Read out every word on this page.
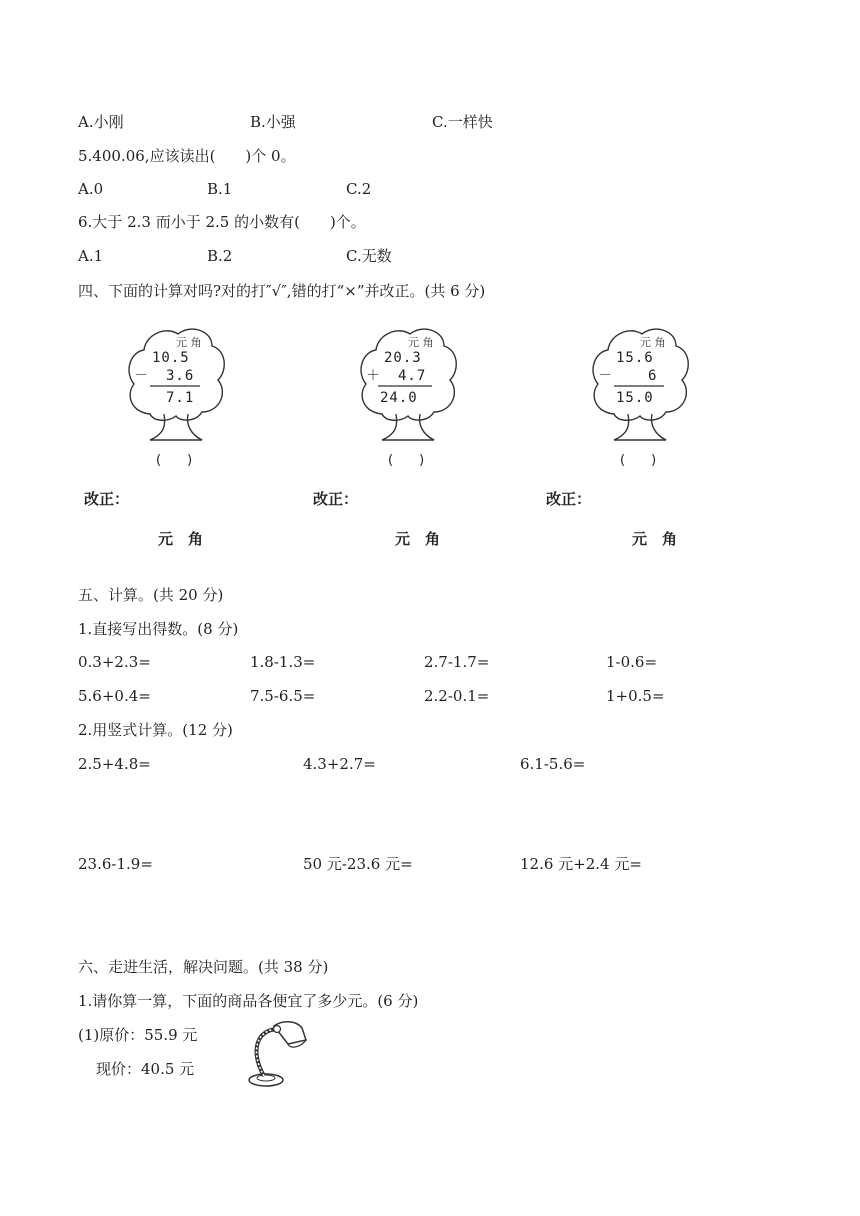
A.小刚	B.小强	C.一样快
5.400.06,应该读出(　　)个 0。
A.0	B.1	C.2
6.大于 2.3 而小于 2.5 的小数有(　　)个。
A.1	B.2	C.无数
四、下面的计算对吗?对的打″√″,错的打“×”并改正。(共 6 分)
元 角
10.5
－ 3.6
7.1
(　　)
元 角
20.3
＋ 4.7
24.0
(　　)
元 角
15.6
－	6
15.0
(　　)
改正：	改正：	改正：
元　角	元　角	元　角
五、计算。(共 20 分)
1.直接写出得数。(8 分)
0.3+2.3=	1.8-1.3=	2.7-1.7=	1-0.6=
5.6+0.4=	7.5-6.5=	2.2-0.1=	1+0.5=
2.用竖式计算。(12 分)
2.5+4.8=	4.3+2.7=	6.1-5.6=
23.6-1.9=	50 元-23.6 元=	12.6 元+2.4 元=
六、走进生活，解决问题。(共 38 分)
1.请你算一算，下面的商品各便宜了多少元。(6 分)
(1)原价：55.9 元
现价：40.5 元
